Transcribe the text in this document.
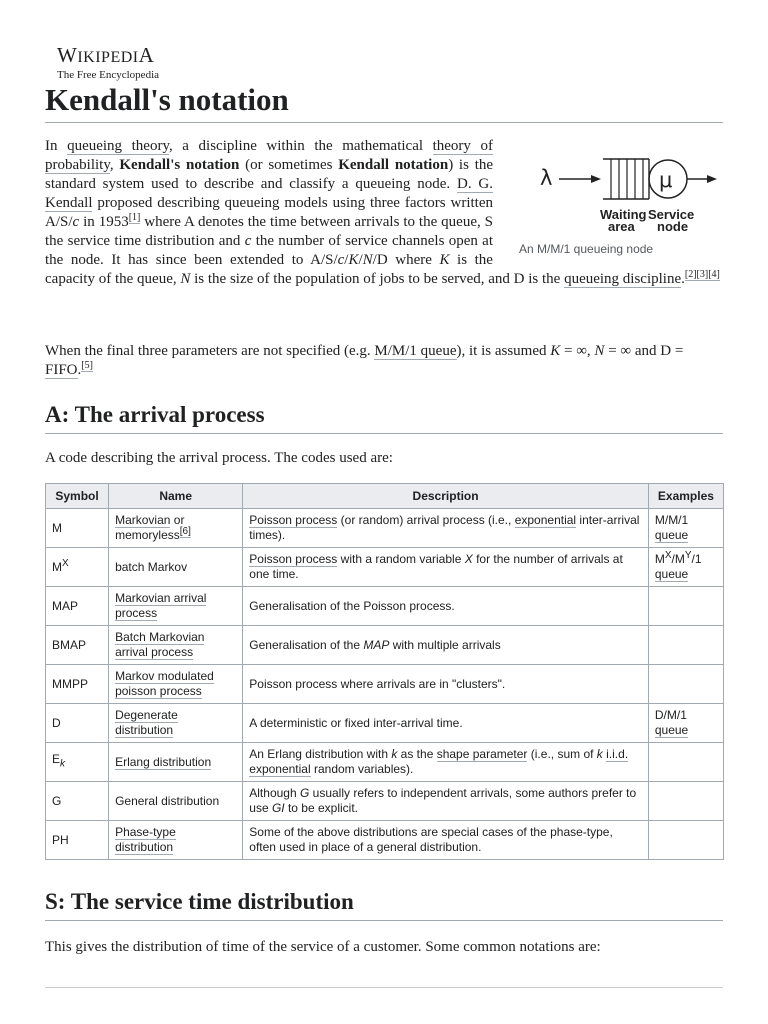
WIKIPEDIA
The Free Encyclopedia
Kendall's notation
λ	μ
Waiting
area
Service
node
An M/M/1 queueing node
In queueing theory, a discipline within the mathematical theory of probability, Kendall's notation (or sometimes Kendall notation) is the standard system used to describe and classify a queueing node. D. G. Kendall proposed describing queueing models using three factors written A/S/c in 1953[1] where A denotes the time between arrivals to the queue, S the service time distribution and c the number of service channels open at the node. It has since been extended to A/S/c/K/N/D where K is the capacity of the queue, N is the size of the population of jobs to be served, and D is the queueing discipline.[2][3][4]
When the final three parameters are not specified (e.g. M/M/1 queue), it is assumed K = ∞, N = ∞ and D = FIFO.[5]
A: The arrival process
A code describing the arrival process. The codes used are:
Symbol	Name	Description	Examples
M	Markovian or memoryless[6]	Poisson process (or random) arrival process (i.e., exponential inter-arrival times).	M/M/1 queue
$M^X$	batch Markov	Poisson process with a random variable X for the number of arrivals at one time.	$M^X/M^Y/1$ queue
MAP	Markovian arrival process	Generalisation of the Poisson process.	
BMAP	Batch Markovian arrival process	Generalisation of the MAP with multiple arrivals	
MMPP	Markov modulated poisson process	Poisson process where arrivals are in "clusters".	
D	Degenerate distribution	A deterministic or fixed inter-arrival time.	D/M/1 queue
$E_k$	Erlang distribution	An Erlang distribution with k as the shape parameter (i.e., sum of k i.i.d. exponential random variables).	
G	General distribution	Although G usually refers to independent arrivals, some authors prefer to use GI to be explicit.	
PH	Phase-type distribution	Some of the above distributions are special cases of the phase-type, often used in place of a general distribution.	
S: The service time distribution
This gives the distribution of time of the service of a customer. Some common notations are:
